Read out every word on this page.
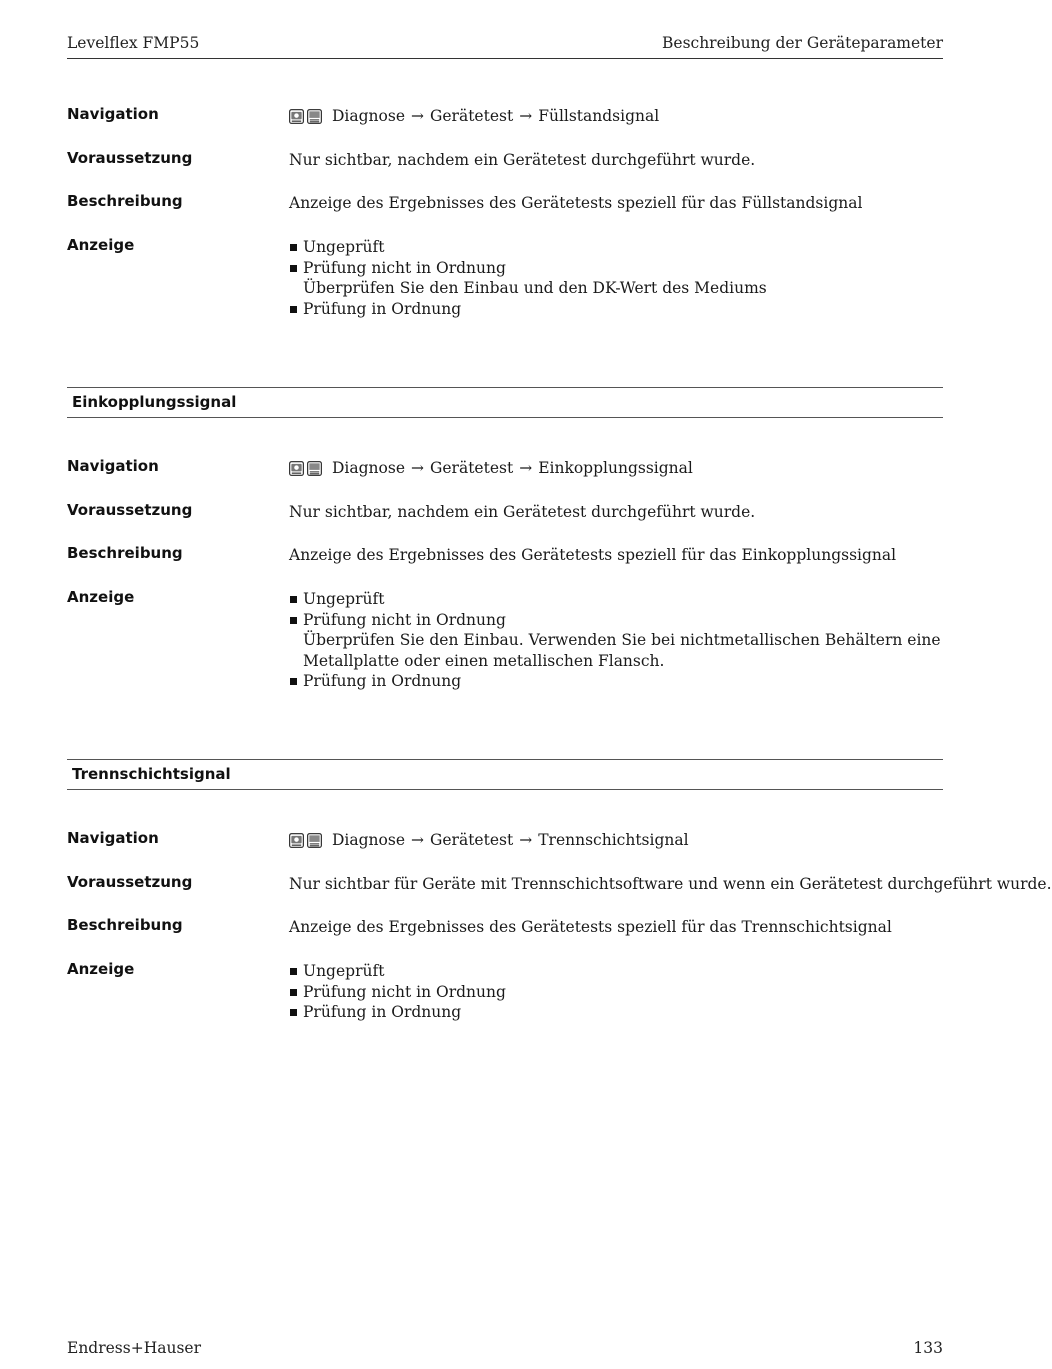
Levelflex FMP55	Beschreibung der Geräteparameter
Navigation	Diagnose → Gerätetest → Füllstandsignal
Voraussetzung	Nur sichtbar, nachdem ein Gerätetest durchgeführt wurde.
Beschreibung	Anzeige des Ergebnisses des Gerätetests speziell für das Füllstandsignal
Anzeige	Ungeprüft
Prüfung nicht in Ordnung
Überprüfen Sie den Einbau und den DK-Wert des Mediums
Prüfung in Ordnung
Einkopplungssignal
Navigation	Diagnose → Gerätetest → Einkopplungssignal
Voraussetzung	Nur sichtbar, nachdem ein Gerätetest durchgeführt wurde.
Beschreibung	Anzeige des Ergebnisses des Gerätetests speziell für das Einkopplungssignal
Anzeige	Ungeprüft
Prüfung nicht in Ordnung
Überprüfen Sie den Einbau. Verwenden Sie bei nichtmetallischen Behältern eine Metallplatte oder einen metallischen Flansch.
Prüfung in Ordnung
Trennschichtsignal
Navigation	Diagnose → Gerätetest → Trennschichtsignal
Voraussetzung	Nur sichtbar für Geräte mit Trennschichtsoftware und wenn ein Gerätetest durchgeführt wurde.
Beschreibung	Anzeige des Ergebnisses des Gerätetests speziell für das Trennschichtsignal
Anzeige	Ungeprüft
Prüfung nicht in Ordnung
Prüfung in Ordnung
Endress+Hauser	133
